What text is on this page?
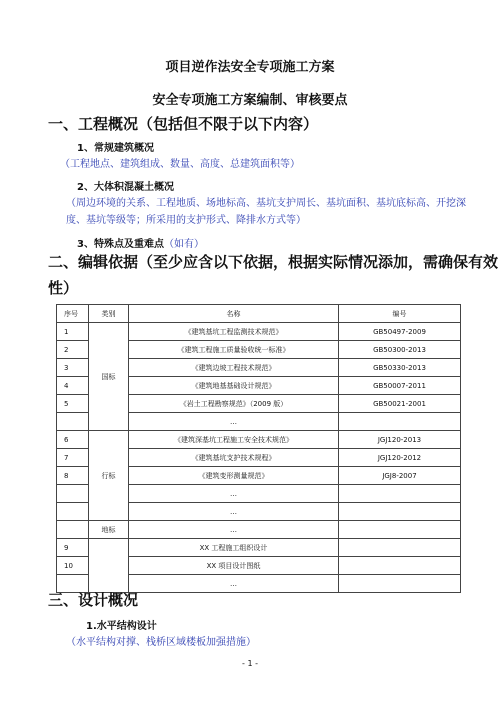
项目逆作法安全专项施工方案
安全专项施工方案编制、审核要点
一、工程概况（包括但不限于以下内容）
1、常规建筑概况
（工程地点、建筑组成、数量、高度、总建筑面积等）
2、大体积混凝土概况
（周边环境的关系、工程地质、场地标高、基坑支护周长、基坑面积、基坑底标高、开挖深度、基坑等级等；所采用的支护形式、降排水方式等）
3、特殊点及重难点（如有）
二、编辑依据（至少应含以下依据，根据实际情况添加，需确保有效
性）
序号	类别	名称	编号
1	国标	《建筑基坑工程监测技术规范》	GB50497-2009
2		《建筑工程施工质量验收统一标准》	GB50300-2013
3		《建筑边坡工程技术规范》	GB50330-2013
4		《建筑地基基础设计规范》	GB50007-2011
5		《岩土工程勘察规范》（2009 版）	GB50021-2001
		…	
6	行标	《建筑深基坑工程施工安全技术规范》	JGJ120-2013
7		《建筑基坑支护技术规程》	JGJ120-2012
8		《建筑变形测量规范》	JGJ8-2007
		…	
		…	
	地标	…	
9		XX 工程施工组织设计	
10		XX 项目设计图纸	
		…	
三、设计概况
1.水平结构设计
（水平结构对撑、栈桥区域楼板加强措施）
- 1 -
